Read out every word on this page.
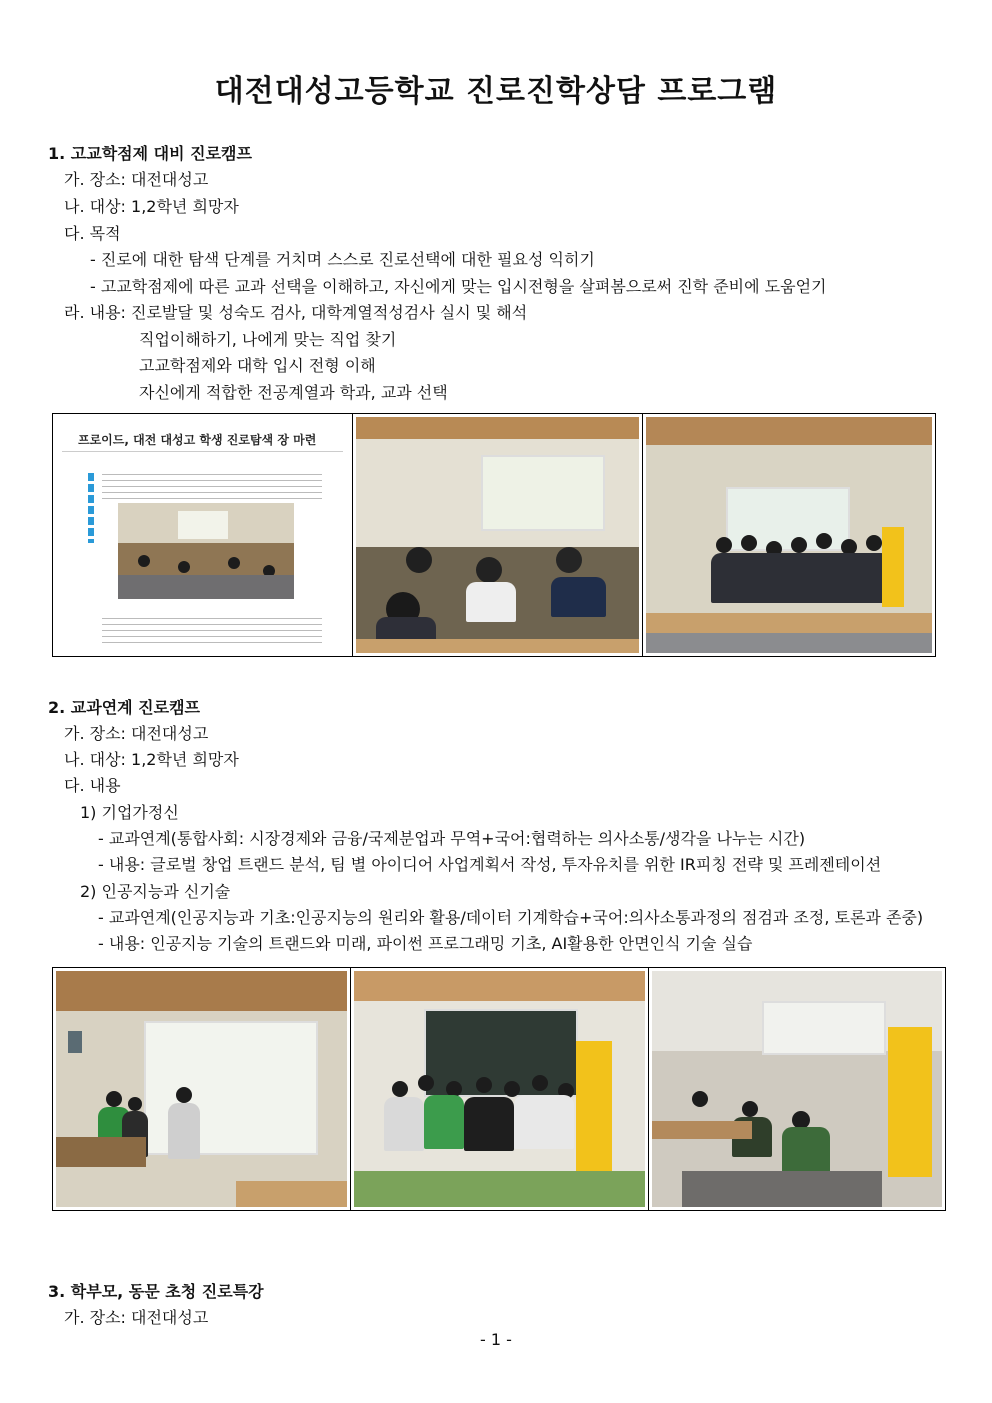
대전대성고등학교 진로진학상담 프로그램
1. 고교학점제 대비 진로캠프
가. 장소: 대전대성고
나. 대상: 1,2학년 희망자
다. 목적
- 진로에 대한 탐색 단계를 거치며 스스로 진로선택에 대한 필요성 익히기
- 고교학점제에 따른 교과 선택을 이해하고, 자신에게 맞는 입시전형을 살펴봄으로써 진학 준비에 도움얻기
라. 내용: 진로발달 및 성숙도 검사, 대학계열적성검사 실시 및 해석
직업이해하기, 나에게 맞는 직업 찾기
고교학점제와 대학 입시 전형 이해
자신에게 적합한 전공계열과 학과, 교과 선택
프로이드, 대전 대성고 학생 진로탐색 장 마련
2. 교과연계 진로캠프
가. 장소: 대전대성고
나. 대상: 1,2학년 희망자
다. 내용
1) 기업가정신
- 교과연계(통합사회: 시장경제와 금융/국제분업과 무역+국어:협력하는 의사소통/생각을 나누는 시간)
- 내용: 글로벌 창업 트랜드 분석, 팀 별 아이디어 사업계획서 작성, 투자유치를 위한 IR피칭 전략 및 프레젠테이션
2) 인공지능과 신기술
- 교과연계(인공지능과 기초:인공지능의 원리와 활용/데이터 기계학습+국어:의사소통과정의 점검과 조정, 토론과 존중)
- 내용: 인공지능 기술의 트랜드와 미래, 파이썬 프로그래밍 기초, AI활용한 안면인식 기술 실습
3. 학부모, 동문 초청 진로특강
가. 장소: 대전대성고
- 1 -
